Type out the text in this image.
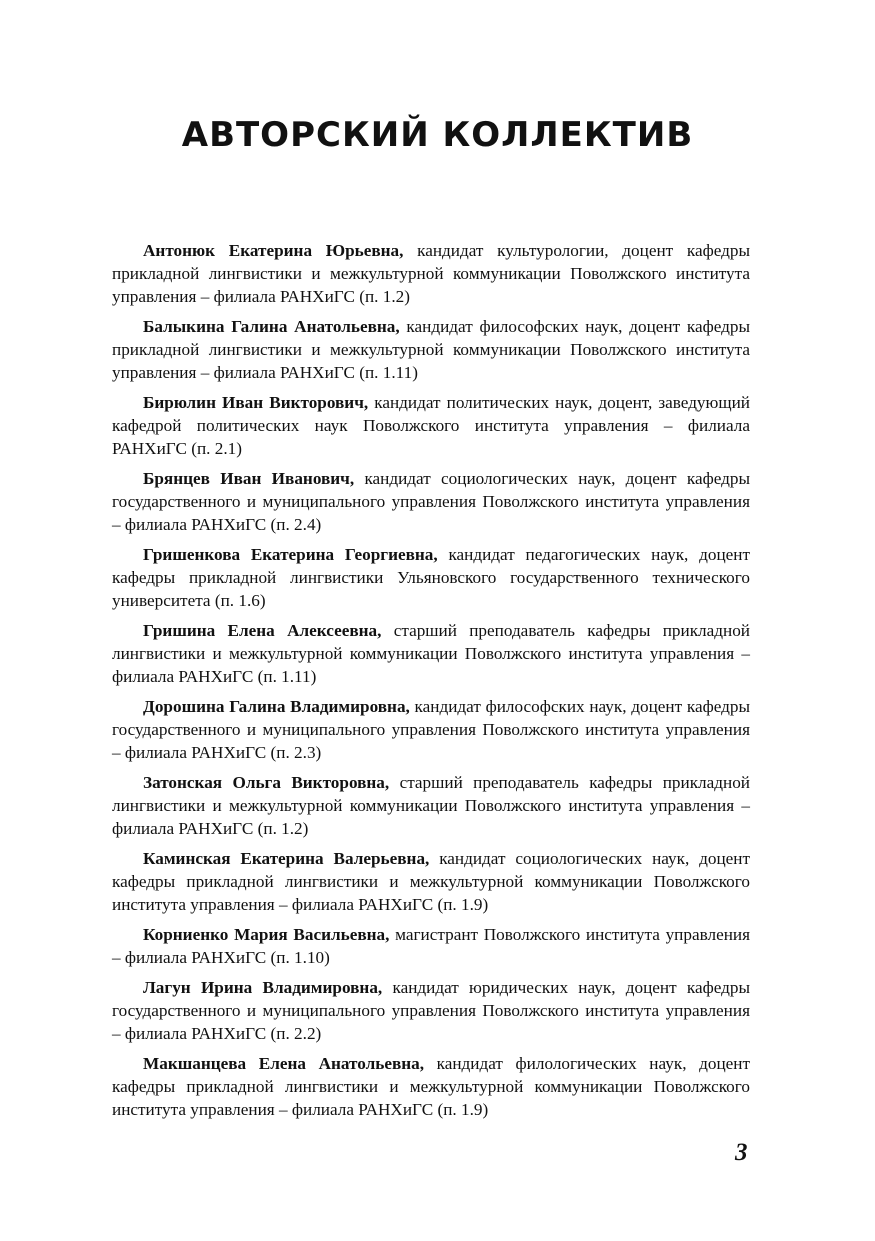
АВТОРСКИЙ КОЛЛЕКТИВ
Антонюк Екатерина Юрьевна, кандидат культурологии, доцент кафедры прикладной лингвистики и межкультурной коммуникации Поволжского института управления – филиала РАНХиГС (п. 1.2)
Балыкина Галина Анатольевна, кандидат философских наук, доцент кафедры прикладной лингвистики и межкультурной коммуникации Поволжского института управления – филиала РАНХиГС (п. 1.11)
Бирюлин Иван Викторович, кандидат политических наук, доцент, заведующий кафедрой политических наук Поволжского института управления – филиала РАНХиГС (п. 2.1)
Брянцев Иван Иванович, кандидат социологических наук, доцент кафедры государственного и муниципального управления Поволжского института управления – филиала РАНХиГС (п. 2.4)
Гришенкова Екатерина Георгиевна, кандидат педагогических наук, доцент кафедры прикладной лингвистики Ульяновского государственного технического университета (п. 1.6)
Гришина Елена Алексеевна, старший преподаватель кафедры прикладной лингвистики и межкультурной коммуникации Поволжского института управления – филиала РАНХиГС (п. 1.11)
Дорошина Галина Владимировна, кандидат философских наук, доцент кафедры государственного и муниципального управления Поволжского института управления – филиала РАНХиГС (п. 2.3)
Затонская Ольга Викторовна, старший преподаватель кафедры прикладной лингвистики и межкультурной коммуникации Поволжского института управления – филиала РАНХиГС (п. 1.2)
Каминская Екатерина Валерьевна, кандидат социологических наук, доцент кафедры прикладной лингвистики и межкультурной коммуникации Поволжского института управления – филиала РАНХиГС (п. 1.9)
Корниенко Мария Васильевна, магистрант Поволжского института управления – филиала РАНХиГС (п. 1.10)
Лагун Ирина Владимировна, кандидат юридических наук, доцент кафедры государственного и муниципального управления Поволжского института управления – филиала РАНХиГС (п. 2.2)
Макшанцева Елена Анатольевна, кандидат филологических наук, доцент кафедры прикладной лингвистики и межкультурной коммуникации Поволжского института управления – филиала РАНХиГС (п. 1.9)
3
